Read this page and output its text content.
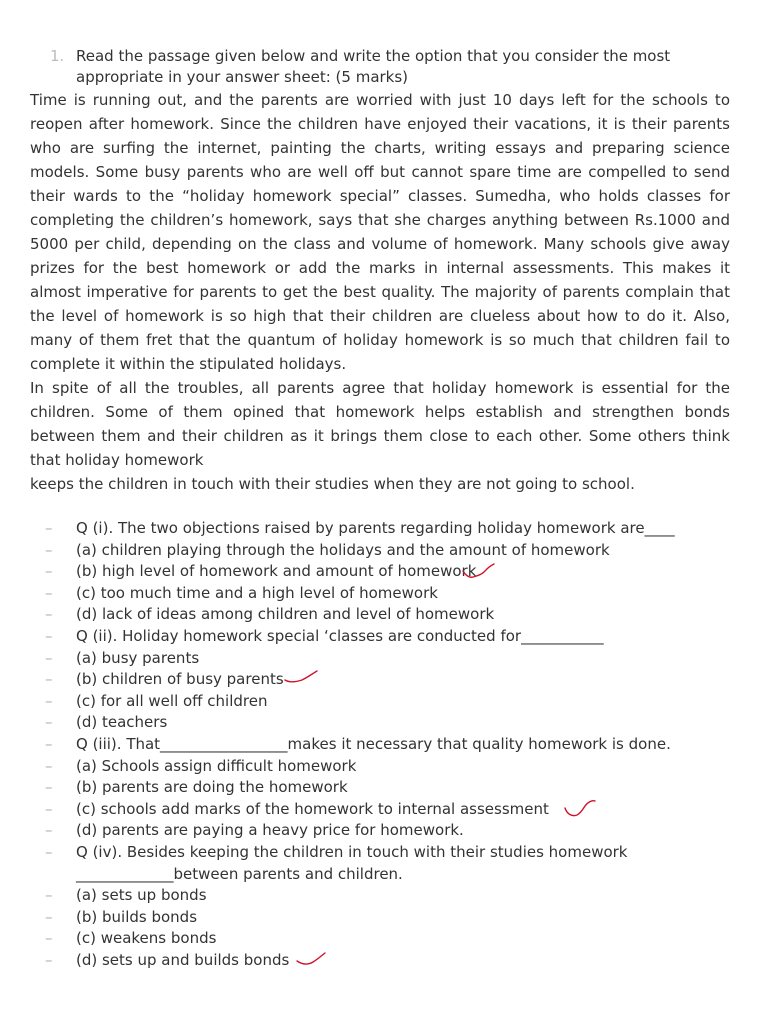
1. Read the passage given below and write the option that you consider the most appropriate in your answer sheet: (5 marks)

Time is running out, and the parents are worried with just 10 days left for the schools to reopen after homework. Since the children have enjoyed their vacations, it is their parents who are surfing the internet, painting the charts, writing essays and preparing science models. Some busy parents who are well off but cannot spare time are compelled to send their wards to the “holiday homework special” classes. Sumedha, who holds classes for completing the children’s homework, says that she charges anything between Rs.1000 and 5000 per child, depending on the class and volume of homework. Many schools give away prizes for the best homework or add the marks in internal assessments. This makes it almost imperative for parents to get the best quality. The majority of parents complain that the level of homework is so high that their children are clueless about how to do it. Also, many of them fret that the quantum of holiday homework is so much that children fail to complete it within the stipulated holidays.

In spite of all the troubles, all parents agree that holiday homework is essential for the children. Some of them opined that homework helps establish and strengthen bonds between them and their children as it brings them close to each other. Some others think that holiday homework

keeps the children in touch with their studies when they are not going to school.

– Q (i). The two objections raised by parents regarding holiday homework are____
– (a) children playing through the holidays and the amount of homework
– (b) high level of homework and amount of homework
– (c) too much time and a high level of homework
– (d) lack of ideas among children and level of homework
– Q (ii). Holiday homework special ‘classes are conducted for___________
– (a) busy parents
– (b) children of busy parents
– (c) for all well off children
– (d) teachers
– Q (iii). That_________________makes it necessary that quality homework is done.
– (a) Schools assign difficult homework
– (b) parents are doing the homework
– (c) schools add marks of the homework to internal assessment
– (d) parents are paying a heavy price for homework.
– Q (iv). Besides keeping the children in touch with their studies homework _____________between parents and children.
– (a) sets up bonds
– (b) builds bonds
– (c) weakens bonds
– (d) sets up and builds bonds
